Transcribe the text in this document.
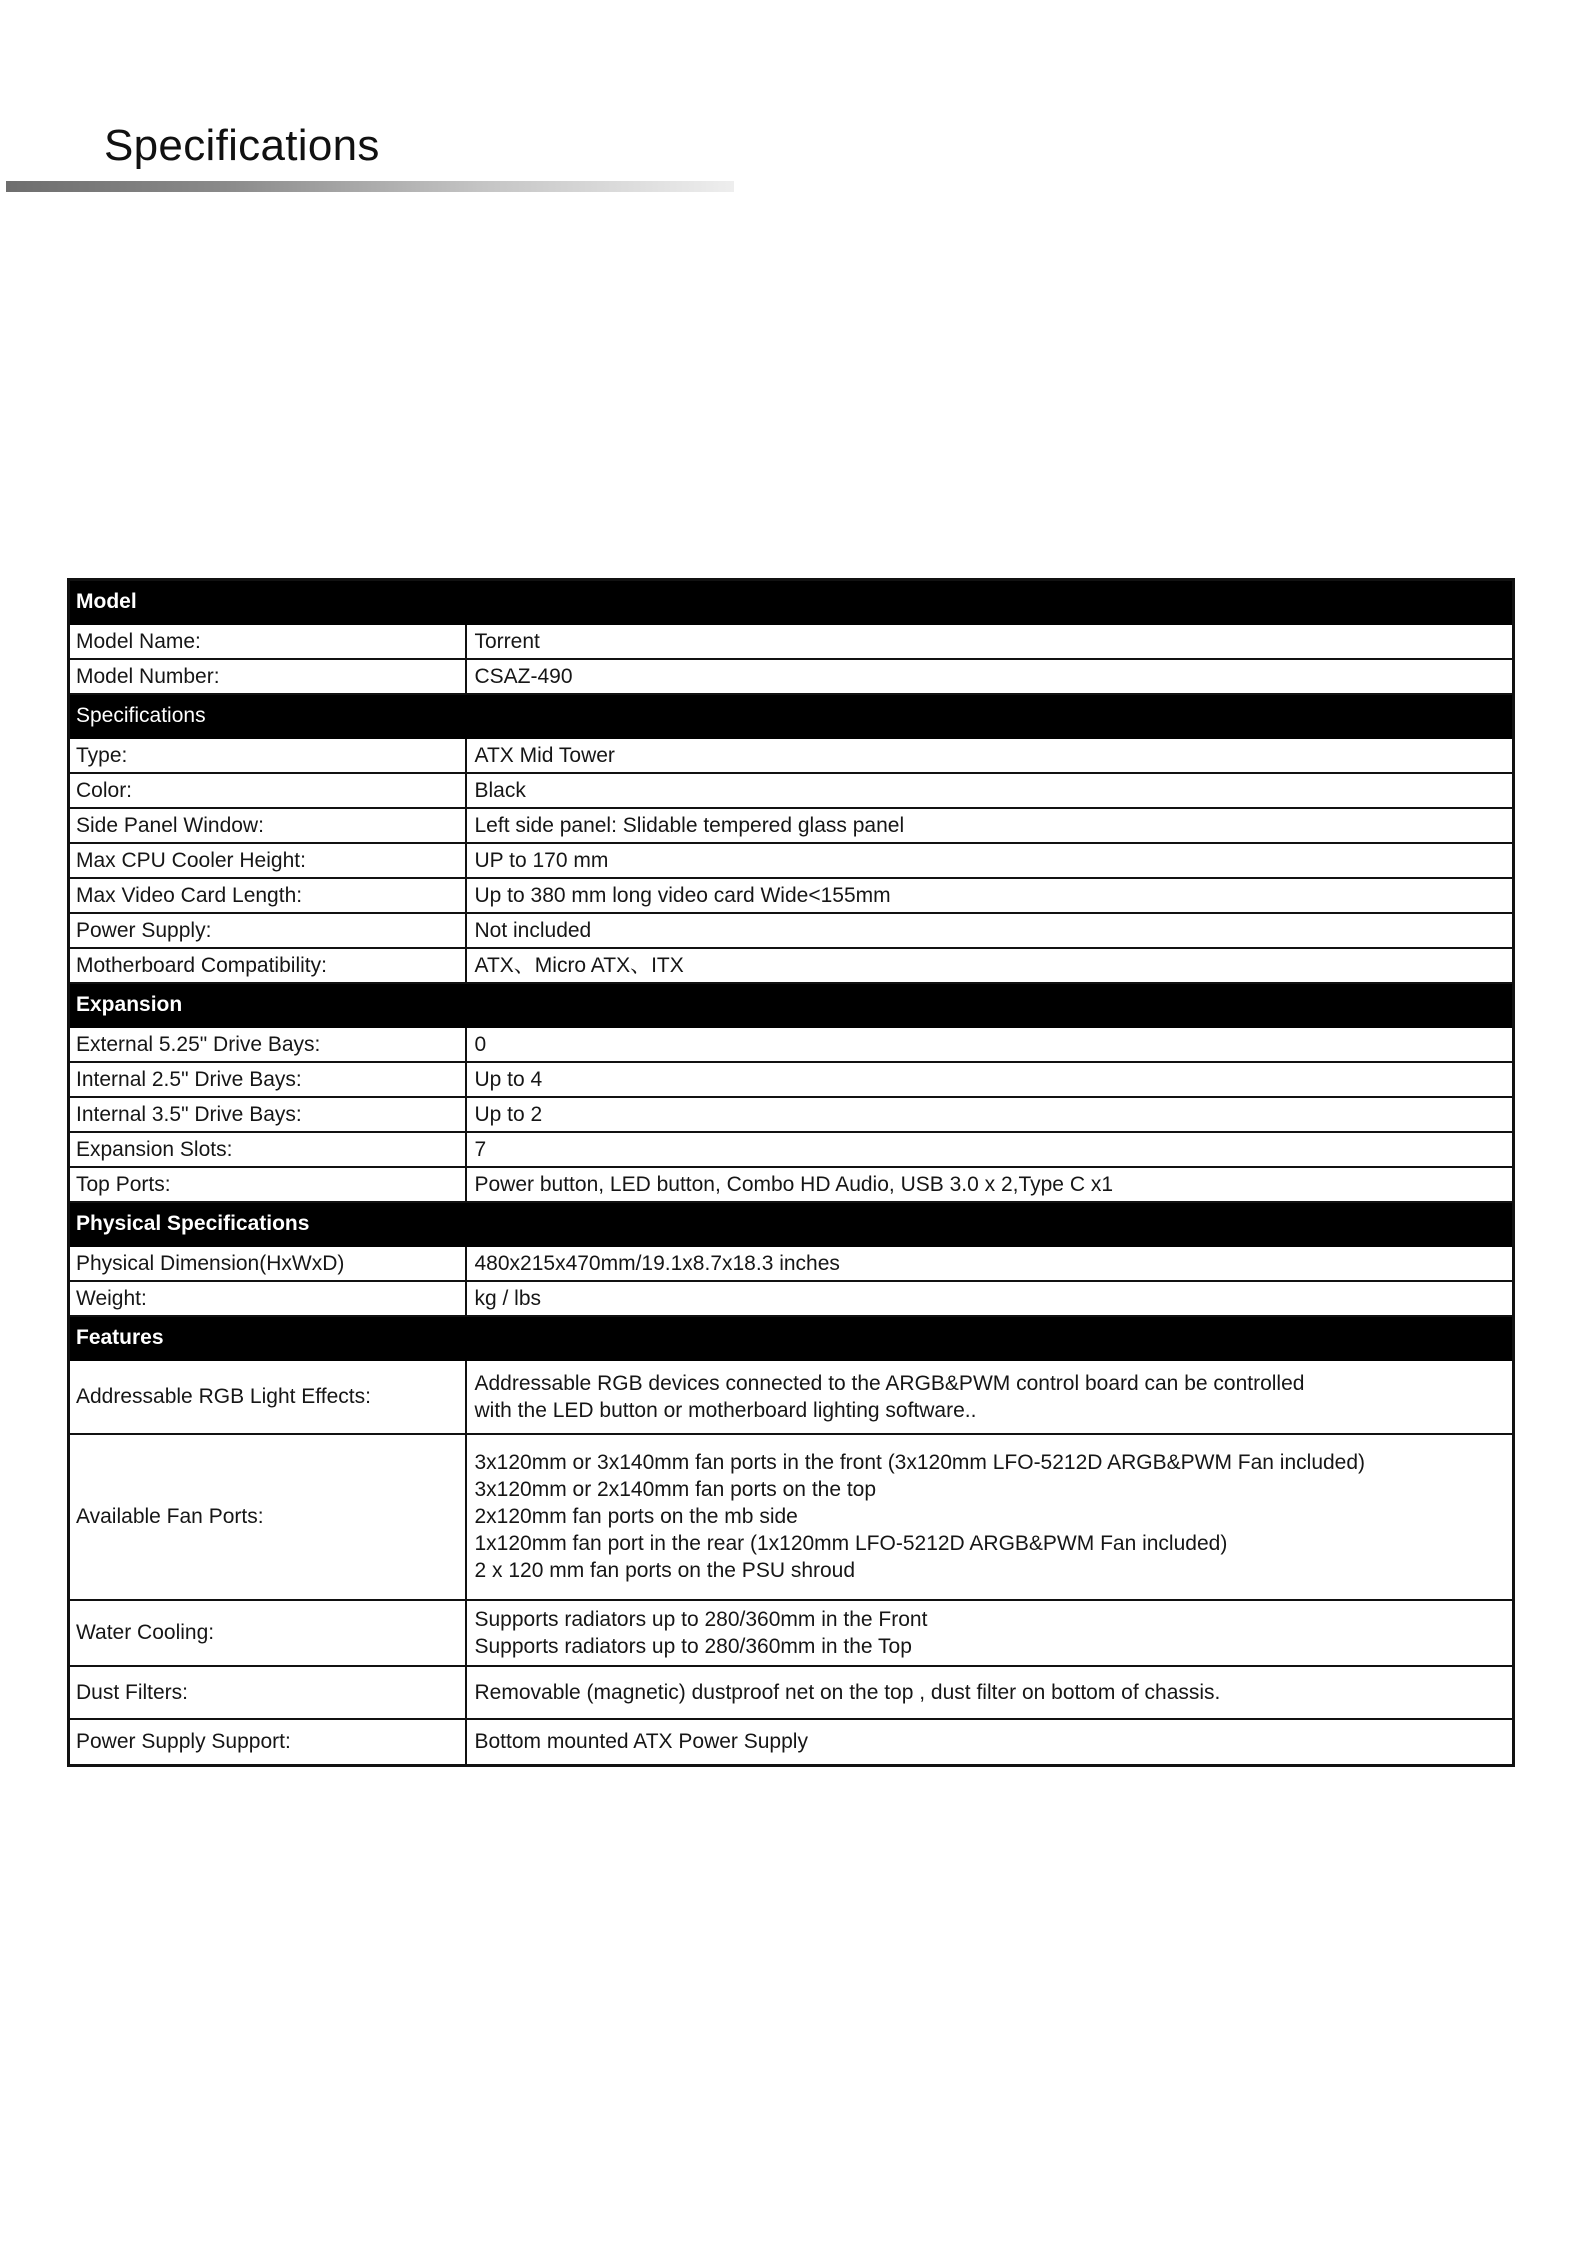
Specifications
Model	
Model Name:	Torrent
Model Number:	CSAZ-490
Specifications	
Type:	ATX Mid Tower
Color:	Black
Side Panel Window:	Left side panel: Slidable tempered glass panel
Max CPU Cooler Height:	UP to 170 mm
Max Video Card Length:	Up to 380 mm long video card Wide<155mm
Power Supply:	Not included
Motherboard Compatibility:	ATX、Micro ATX、ITX
Expansion	
External 5.25" Drive Bays:	0
Internal 2.5" Drive Bays:	Up to 4
Internal 3.5" Drive Bays:	Up to 2
Expansion Slots:	7
Top Ports:	Power button, LED button, Combo HD Audio, USB 3.0 x 2,Type C x1
Physical Specifications	
Physical Dimension(HxWxD)	480x215x470mm/19.1x8.7x18.3 inches
Weight:	kg / lbs
Features	
Addressable RGB Light Effects:	Addressable RGB devices connected to the ARGB&PWM control board can be controlled
with the LED button or motherboard lighting software..

Available Fan Ports:	3x120mm or 3x140mm fan ports in the front (3x120mm LFO-5212D ARGB&PWM Fan included)
3x120mm or 2x140mm fan ports on the top
2x120mm fan ports on the mb side
1x120mm fan port in the rear (1x120mm LFO-5212D ARGB&PWM Fan included)
2 x 120 mm fan ports on the PSU shroud

Water Cooling:	Supports radiators up to 280/360mm in the Front
Supports radiators up to 280/360mm in the Top

Dust Filters:	Removable (magnetic) dustproof net on the top , dust filter on bottom of chassis.
Power Supply Support:	Bottom mounted ATX Power Supply
